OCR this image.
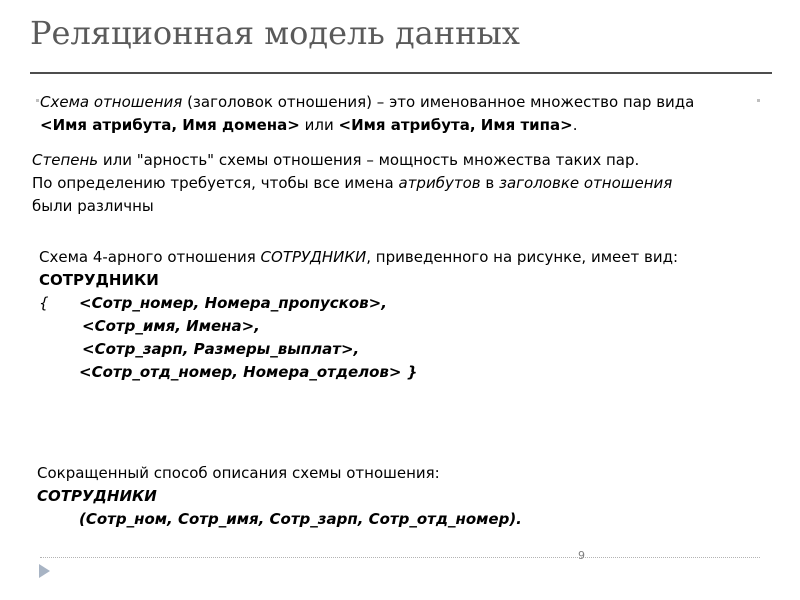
Реляционная модель данных
Схема отношения (заголовок отношения) – это именованное множество пар вида
<Имя атрибута, Имя домена> или <Имя атрибута, Имя типа>.
Степень или "арность" схемы отношения – мощность множества таких пар.
По определению требуется, чтобы все имена атрибутов в заголовке отношения
были различны
Схема 4-арного отношения СОТРУДНИКИ, приведенного на рисунке, имеет вид:
СОТРУДНИКИ
{ <Сотр_номер, Номера_пропусков>,
<Сотр_имя, Имена>,
<Сотр_зарп, Размеры_выплат>,
<Сотр_отд_номер, Номера_отделов> }
Сокращенный способ описания схемы отношения:
СОТРУДНИКИ
(Сотр_ном, Сотр_имя, Сотр_зарп, Сотр_отд_номер).
9
